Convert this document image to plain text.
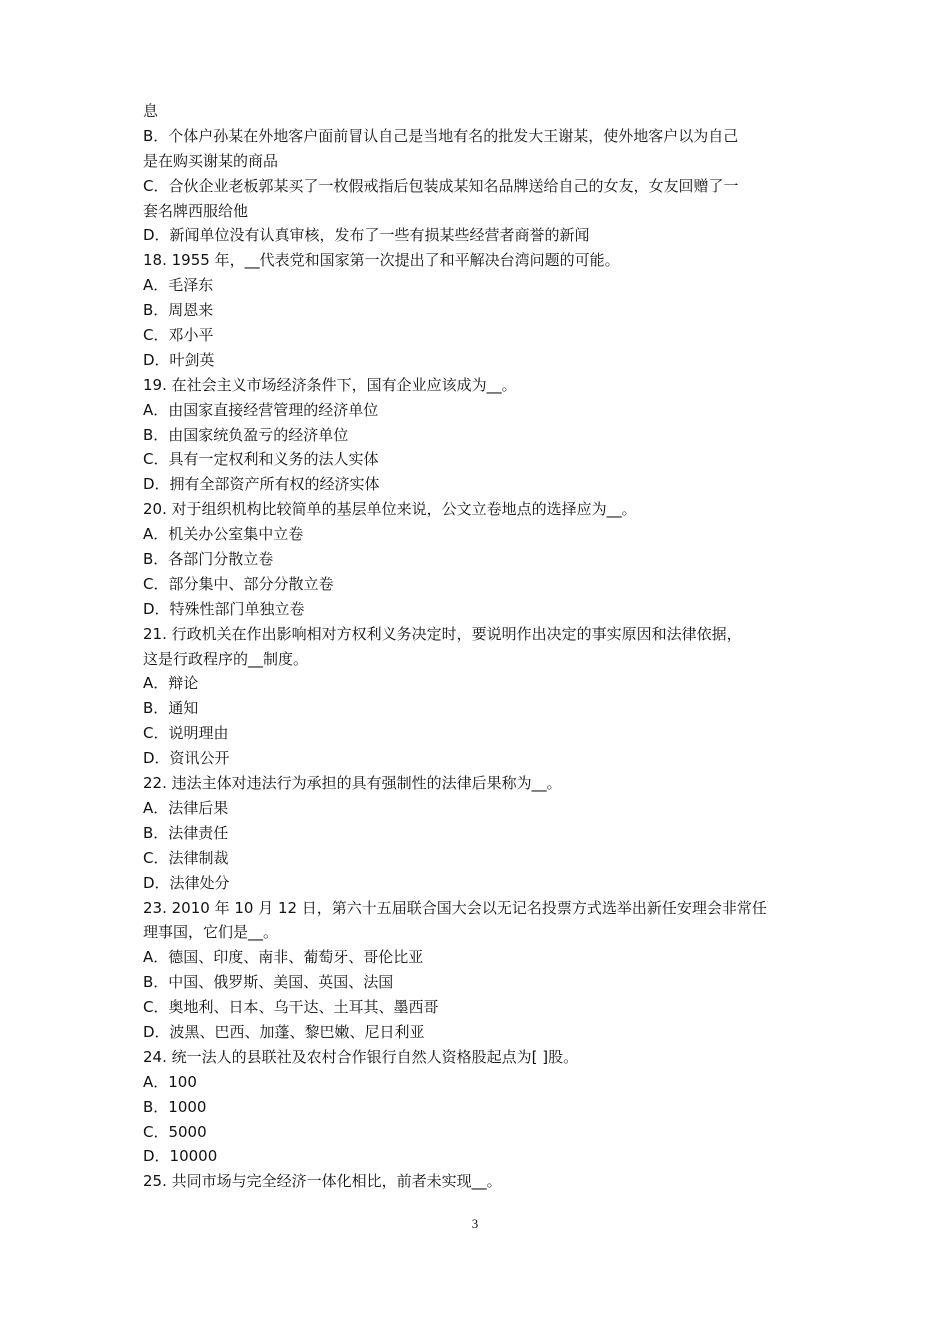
息
B．个体户孙某在外地客户面前冒认自己是当地有名的批发大王谢某，使外地客户以为自己
是在购买谢某的商品
C．合伙企业老板郭某买了一枚假戒指后包装成某知名品牌送给自己的女友，女友回赠了一
套名牌西服给他
D．新闻单位没有认真审核，发布了一些有损某些经营者商誉的新闻
18. 1955 年，__代表党和国家第一次提出了和平解决台湾问题的可能。
A．毛泽东
B．周恩来
C．邓小平
D．叶剑英
19. 在社会主义市场经济条件下，国有企业应该成为__。
A．由国家直接经营管理的经济单位
B．由国家统负盈亏的经济单位
C．具有一定权利和义务的法人实体
D．拥有全部资产所有权的经济实体
20. 对于组织机构比较简单的基层单位来说，公文立卷地点的选择应为__。
A．机关办公室集中立卷
B．各部门分散立卷
C．部分集中、部分分散立卷
D．特殊性部门单独立卷
21. 行政机关在作出影响相对方权利义务决定时，要说明作出决定的事实原因和法律依据，
这是行政程序的__制度。
A．辩论
B．通知
C．说明理由
D．资讯公开
22. 违法主体对违法行为承担的具有强制性的法律后果称为__。
A．法律后果
B．法律责任
C．法律制裁
D．法律处分
23. 2010 年 10 月 12 日，第六十五届联合国大会以无记名投票方式选举出新任安理会非常任
理事国，它们是__。
A．德国、印度、南非、葡萄牙、哥伦比亚
B．中国、俄罗斯、美国、英国、法国
C．奥地利、日本、乌干达、土耳其、墨西哥
D．波黑、巴西、加蓬、黎巴嫩、尼日利亚
24. 统一法人的县联社及农村合作银行自然人资格股起点为[ ]股。
A．100
B．1000
C．5000
D．10000
25. 共同市场与完全经济一体化相比，前者未实现__。
3
